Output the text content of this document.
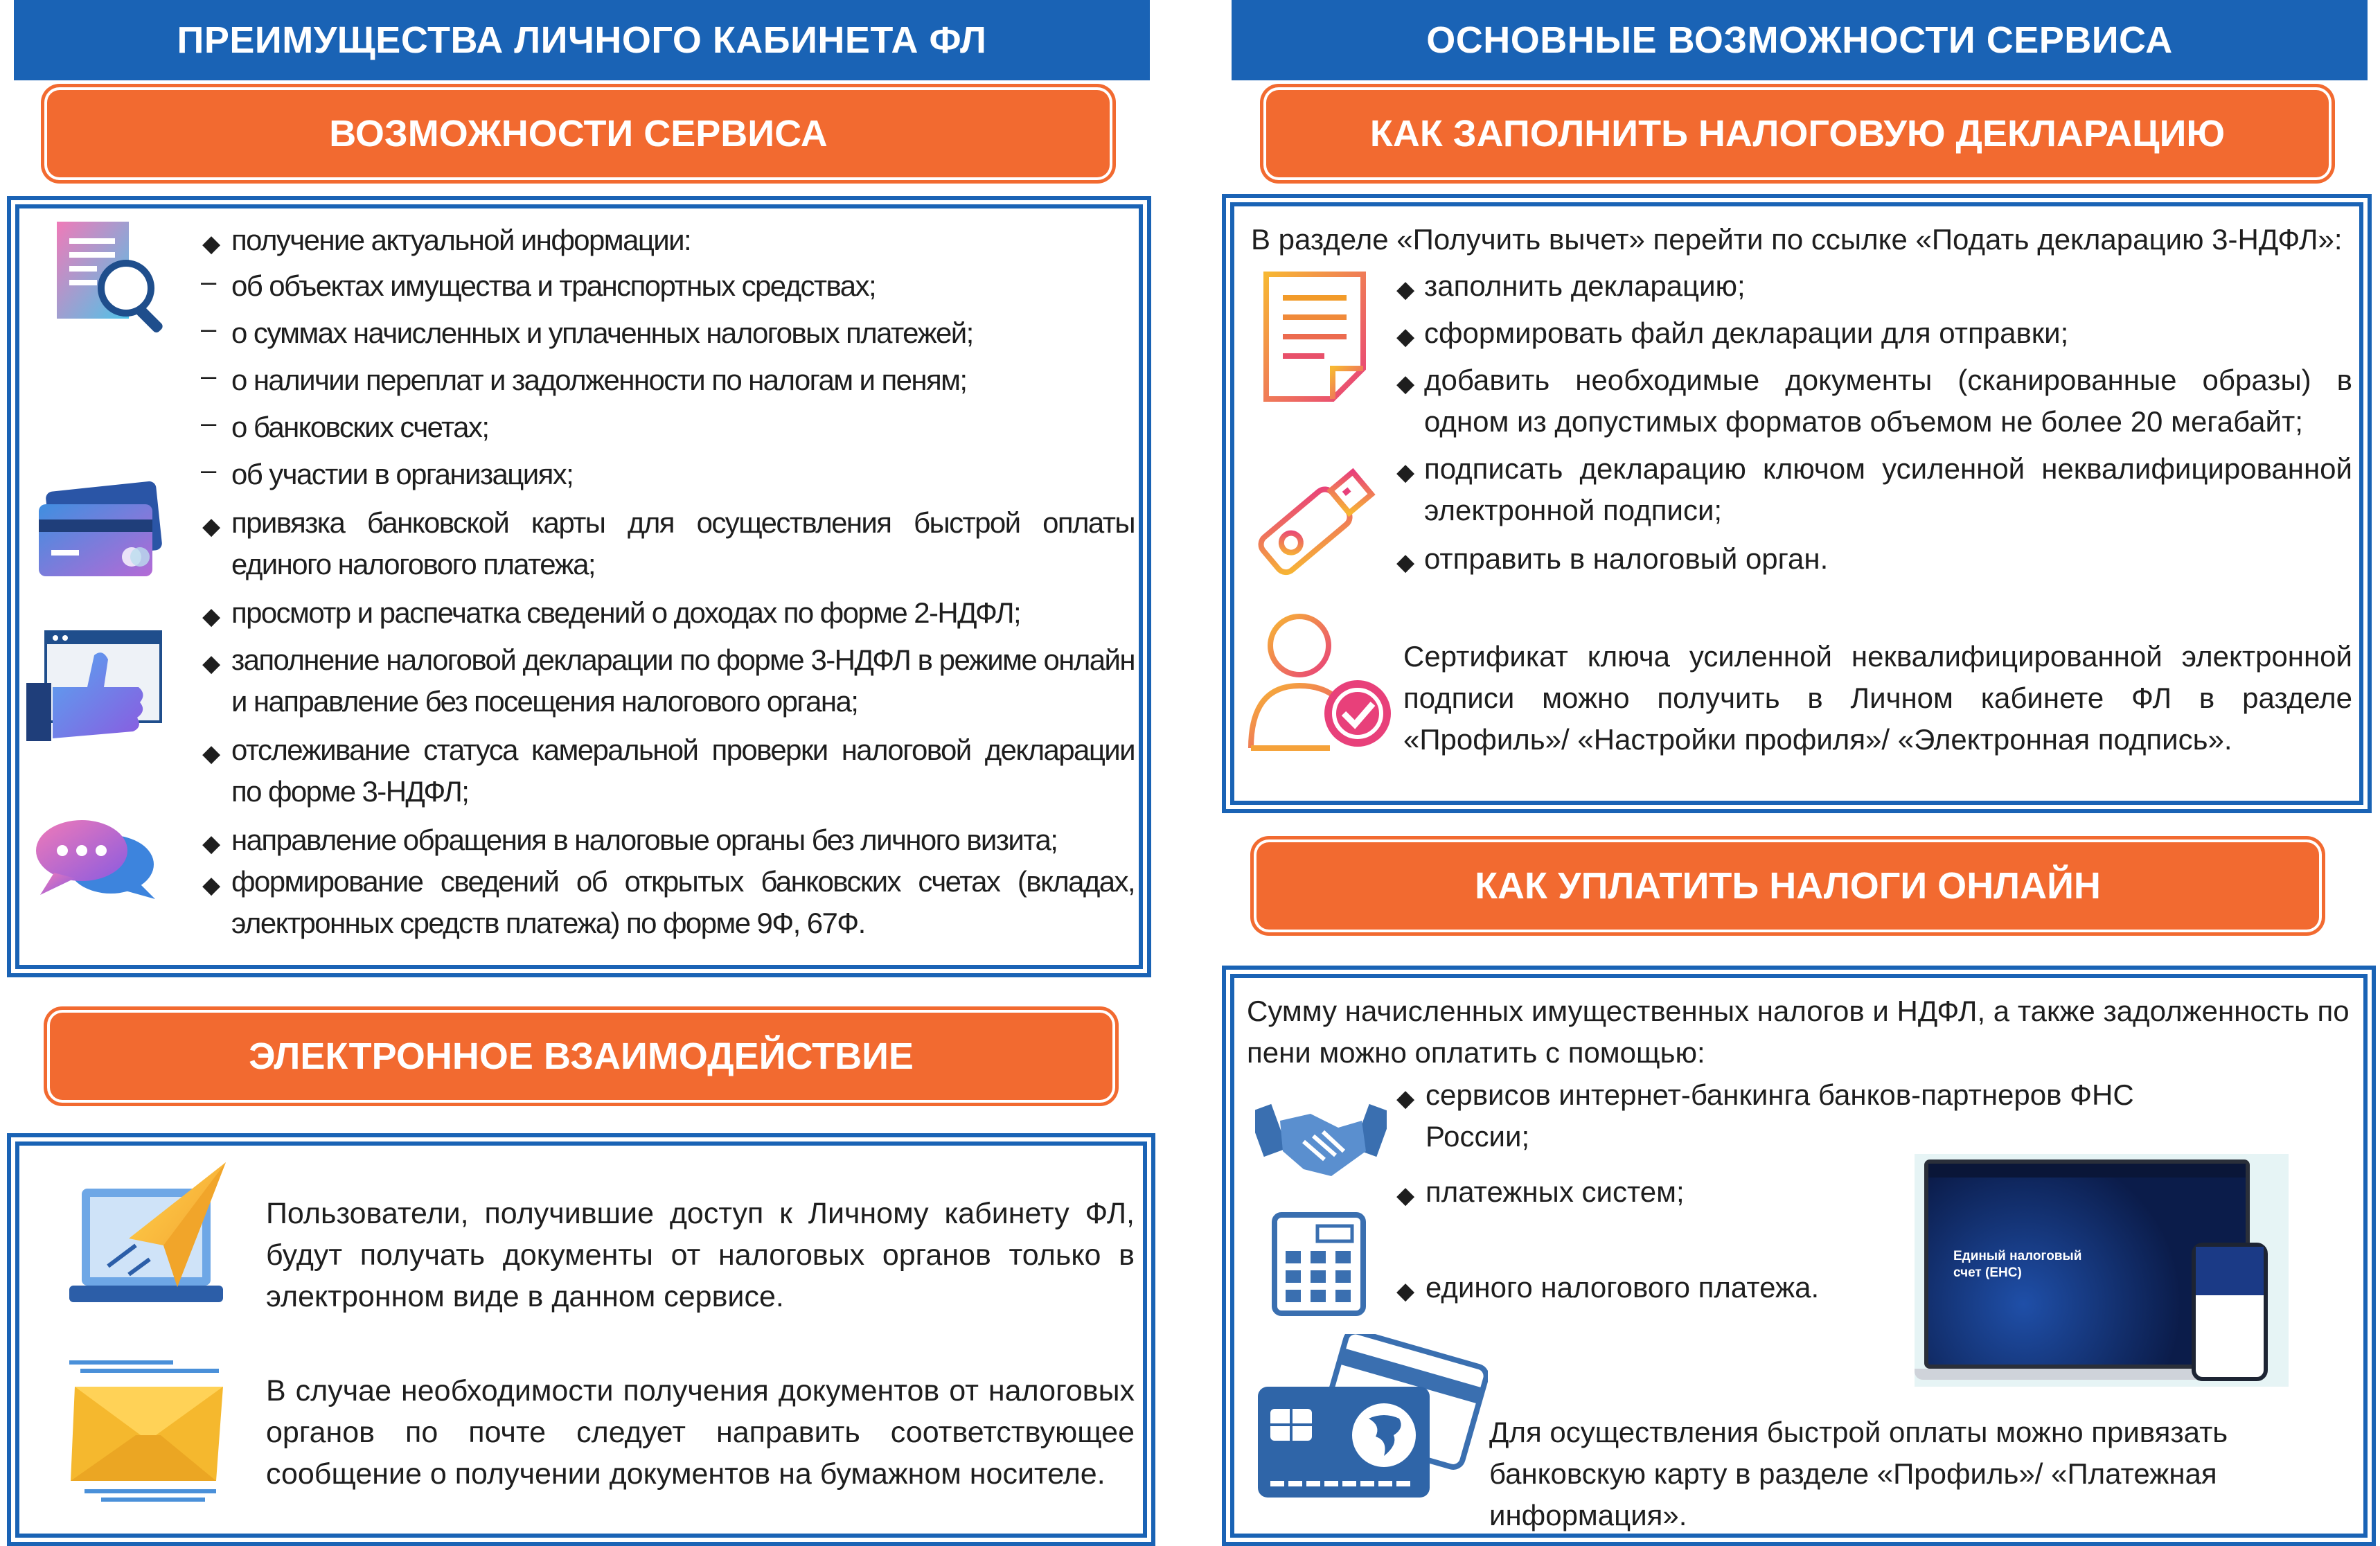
ПРЕИМУЩЕСТВА ЛИЧНОГО КАБИНЕТА ФЛ
ВОЗМОЖНОСТИ СЕРВИСА
◆ получение актуальной информации:
– об объектах имущества и транспортных средствах;
– о суммах начисленных и уплаченных налоговых платежей;
– о наличии переплат и задолженности по налогам и пеням;
– о банковских счетах;
– об участии в организациях;
◆ привязка банковской карты для осуществления быстрой оплаты единого налогового платежа;
◆ просмотр и распечатка сведений о доходах по форме 2-НДФЛ;
◆ заполнение налоговой декларации по форме 3-НДФЛ в режиме онлайн и направление без посещения налогового органа;
◆ отслеживание статуса камеральной проверки налоговой декларации по форме 3-НДФЛ;
◆ направление обращения в налоговые органы без личного визита;
◆ формирование сведений об открытых банковских счетах (вкладах, электронных средств платежа) по форме 9Ф, 67Ф.
ЭЛЕКТРОННОЕ ВЗАИМОДЕЙСТВИЕ
Пользователи, получившие доступ к Личному кабинету ФЛ, будут получать документы от налоговых органов только в электронном виде в данном сервисе.
В случае необходимости получения документов от налоговых органов по почте следует направить соответствующее сообщение о получении документов на бумажном носителе.
ОСНОВНЫЕ ВОЗМОЖНОСТИ СЕРВИСА
КАК ЗАПОЛНИТЬ НАЛОГОВУЮ ДЕКЛАРАЦИЮ
В разделе «Получить вычет» перейти по ссылке «Подать декларацию 3-НДФЛ»:
◆ заполнить декларацию;
◆ сформировать файл декларации для отправки;
◆ добавить необходимые документы (сканированные образы) в одном из допустимых форматов объемом не более 20 мегабайт;
◆ подписать декларацию ключом усиленной неквалифицированной электронной подписи;
◆ отправить в налоговый орган.
Сертификат ключа усиленной неквалифицированной электронной подписи можно получить в Личном кабинете ФЛ в разделе «Профиль»/ «Настройки профиля»/ «Электронная подпись».
КАК УПЛАТИТЬ НАЛОГИ ОНЛАЙН
Сумму начисленных имущественных налогов и НДФЛ, а также задолженность по пени можно оплатить с помощью:
◆ сервисов интернет-банкинга банков-партнеров ФНС России;
◆ платежных систем;
◆ единого налогового платежа.
Единый налоговый счет (ЕНС)
Для осуществления быстрой оплаты можно привязать банковскую карту в разделе «Профиль»/ «Платежная информация».
